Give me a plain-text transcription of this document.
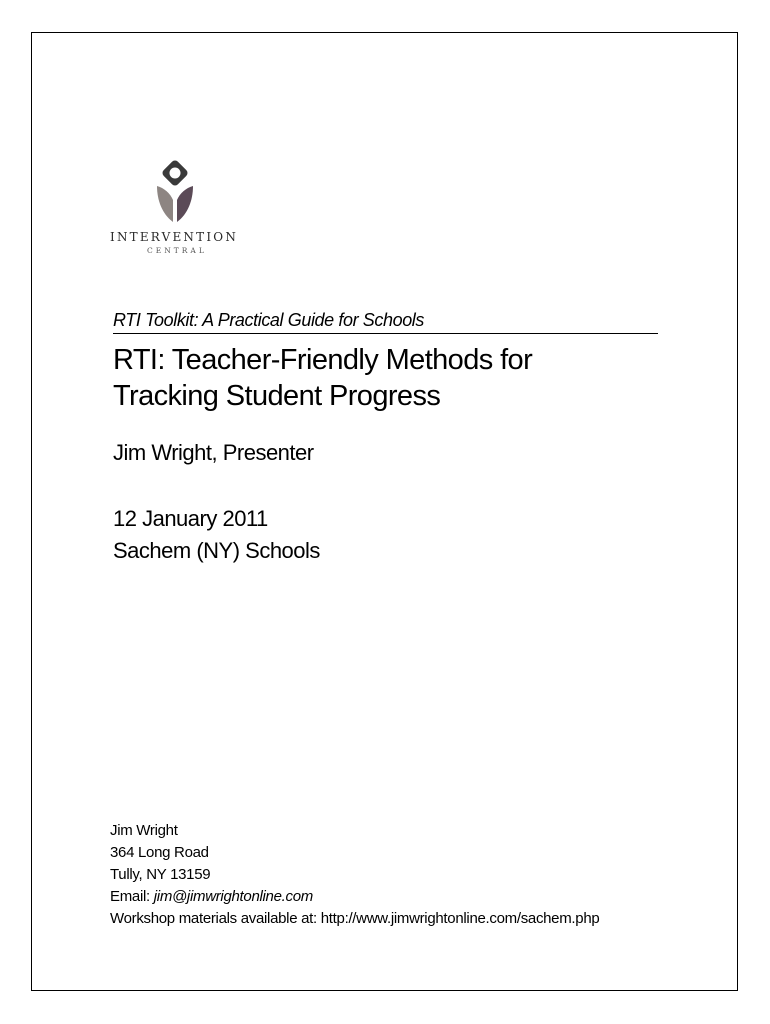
INTERVENTION
CENTRAL
RTI Toolkit: A Practical Guide for Schools
RTI: Teacher-Friendly Methods for
Tracking Student Progress
Jim Wright, Presenter
12 January 2011
Sachem (NY) Schools
Jim Wright
364 Long Road
Tully, NY 13159
Email: jim@jimwrightonline.com
Workshop materials available at: http://www.jimwrightonline.com/sachem.php
